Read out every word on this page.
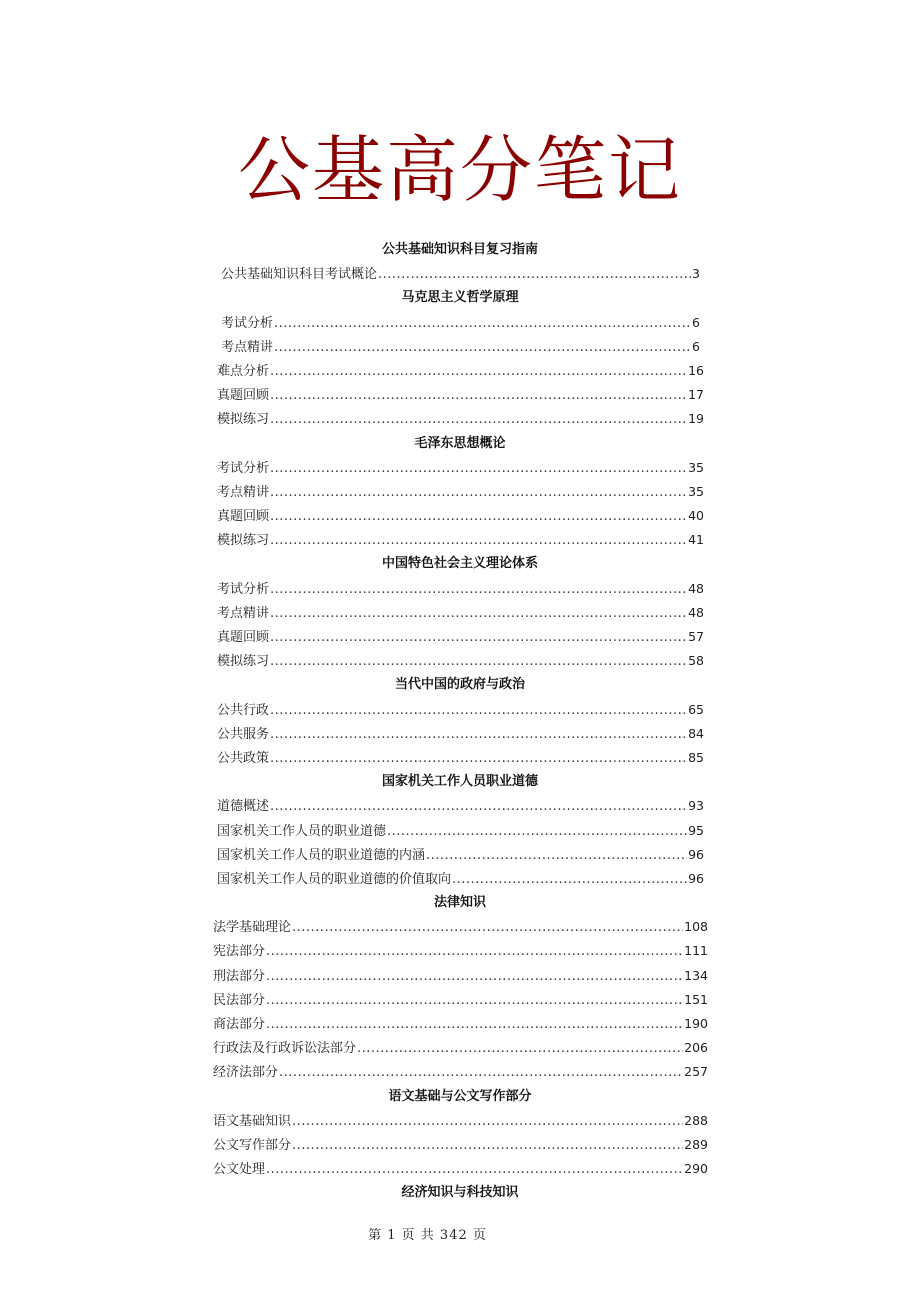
公基高分笔记
公共基础知识科目复习指南
公共基础知识科目考试概论 .....	3
马克思主义哲学原理
考试分析 .....	6
考点精讲 .....	6
难点分析 .....	16
真题回顾 .....	17
模拟练习 .....	19
毛泽东思想概论
考试分析 .....	35
考点精讲 .....	35
真题回顾 .....	40
模拟练习 .....	41
中国特色社会主义理论体系
考试分析 .....	48
考点精讲 .....	48
真题回顾 .....	57
模拟练习 .....	58
当代中国的政府与政治
公共行政 .....	65
公共服务 .....	84
公共政策 .....	85
国家机关工作人员职业道德
道德概述 .....	93
国家机关工作人员的职业道德 .....	95
国家机关工作人员的职业道德的内涵 .....	96
国家机关工作人员的职业道德的价值取向 .....	96
法律知识
法学基础理论 .....	108
宪法部分 .....	111
刑法部分 .....	134
民法部分 .....	151
商法部分 .....	190
行政法及行政诉讼法部分 .....	206
经济法部分 .....	257
语文基础与公文写作部分
语文基础知识 .....	288
公文写作部分 .....	289
公文处理 .....	290
经济知识与科技知识
第 1 页 共 342 页
